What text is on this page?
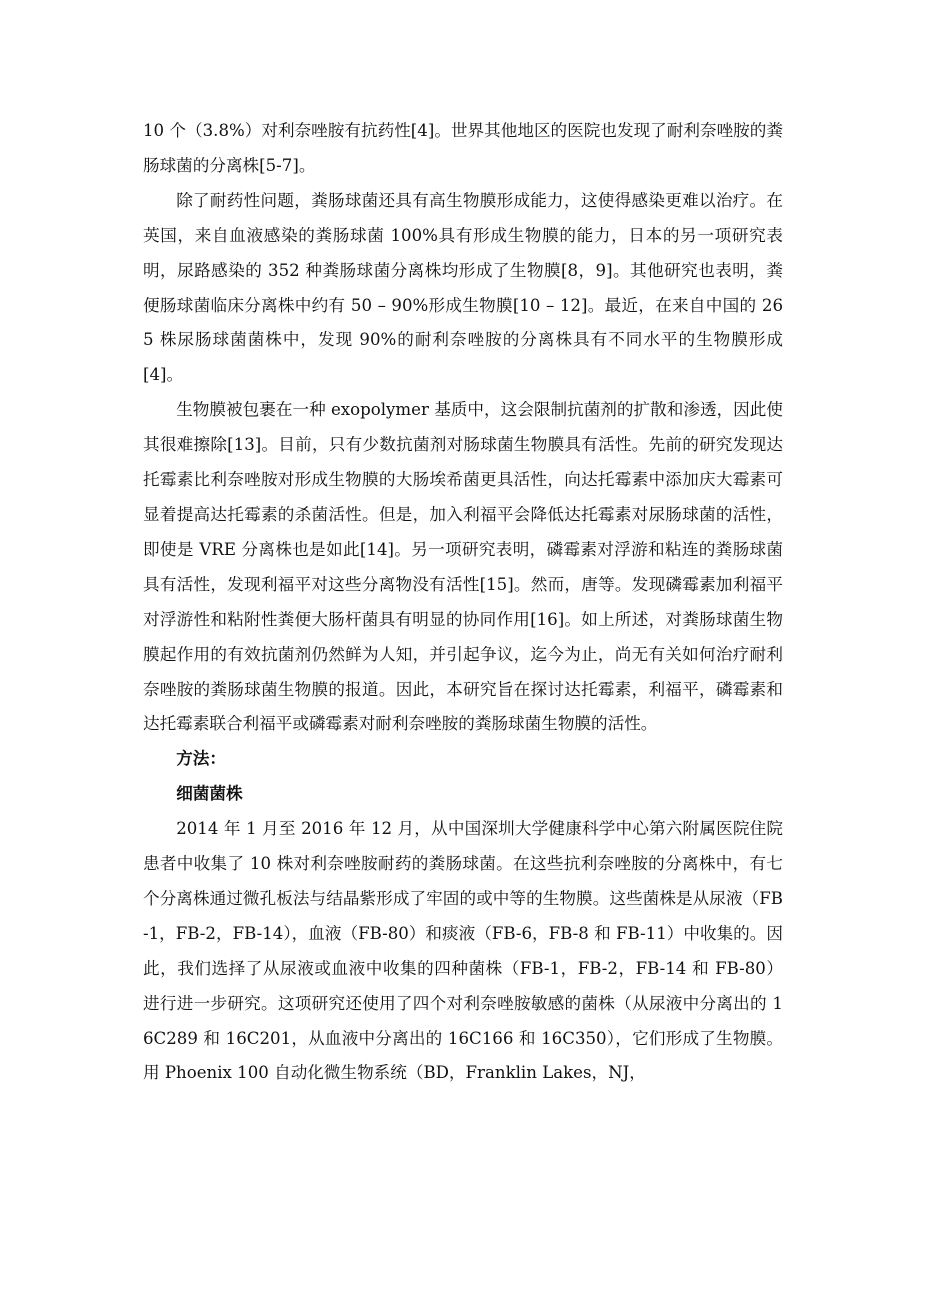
10 个（3.8%）对利奈唑胺有抗药性[4]。世界其他地区的医院也发现了耐利奈唑胺的粪肠球菌的分离株[5-7]。

除了耐药性问题，粪肠球菌还具有高生物膜形成能力，这使得感染更难以治疗。在英国，来自血液感染的粪肠球菌 100%具有形成生物膜的能力，日本的另一项研究表明，尿路感染的 352 种粪肠球菌分离株均形成了生物膜[8，9]。其他研究也表明，粪便肠球菌临床分离株中约有 50 – 90%形成生物膜[10 – 12]。最近，在来自中国的 265 株尿肠球菌菌株中，发现 90%的耐利奈唑胺的分离株具有不同水平的生物膜形成[4]。

生物膜被包裹在一种 exopolymer 基质中，这会限制抗菌剂的扩散和渗透，因此使其很难擦除[13]。目前，只有少数抗菌剂对肠球菌生物膜具有活性。先前的研究发现达托霉素比利奈唑胺对形成生物膜的大肠埃希菌更具活性，向达托霉素中添加庆大霉素可显着提高达托霉素的杀菌活性。但是，加入利福平会降低达托霉素对尿肠球菌的活性，即使是 VRE 分离株也是如此[14]。另一项研究表明，磷霉素对浮游和粘连的粪肠球菌具有活性，发现利福平对这些分离物没有活性[15]。然而，唐等。发现磷霉素加利福平对浮游性和粘附性粪便大肠杆菌具有明显的协同作用[16]。如上所述，对粪肠球菌生物膜起作用的有效抗菌剂仍然鲜为人知，并引起争议，迄今为止，尚无有关如何治疗耐利奈唑胺的粪肠球菌生物膜的报道。因此，本研究旨在探讨达托霉素，利福平，磷霉素和达托霉素联合利福平或磷霉素对耐利奈唑胺的粪肠球菌生物膜的活性。

方法：

细菌菌株

2014 年 1 月至 2016 年 12 月，从中国深圳大学健康科学中心第六附属医院住院患者中收集了 10 株对利奈唑胺耐药的粪肠球菌。在这些抗利奈唑胺的分离株中，有七个分离株通过微孔板法与结晶紫形成了牢固的或中等的生物膜。这些菌株是从尿液（FB-1，FB-2，FB-14），血液（FB-80）和痰液（FB-6，FB-8 和 FB-11）中收集的。因此，我们选择了从尿液或血液中收集的四种菌株（FB-1，FB-2，FB-14 和 FB-80）进行进一步研究。这项研究还使用了四个对利奈唑胺敏感的菌株（从尿液中分离出的 16C289 和 16C201，从血液中分离出的 16C166 和 16C350），它们形成了生物膜。用 Phoenix 100 自动化微生物系统（BD，Franklin Lakes，NJ，
